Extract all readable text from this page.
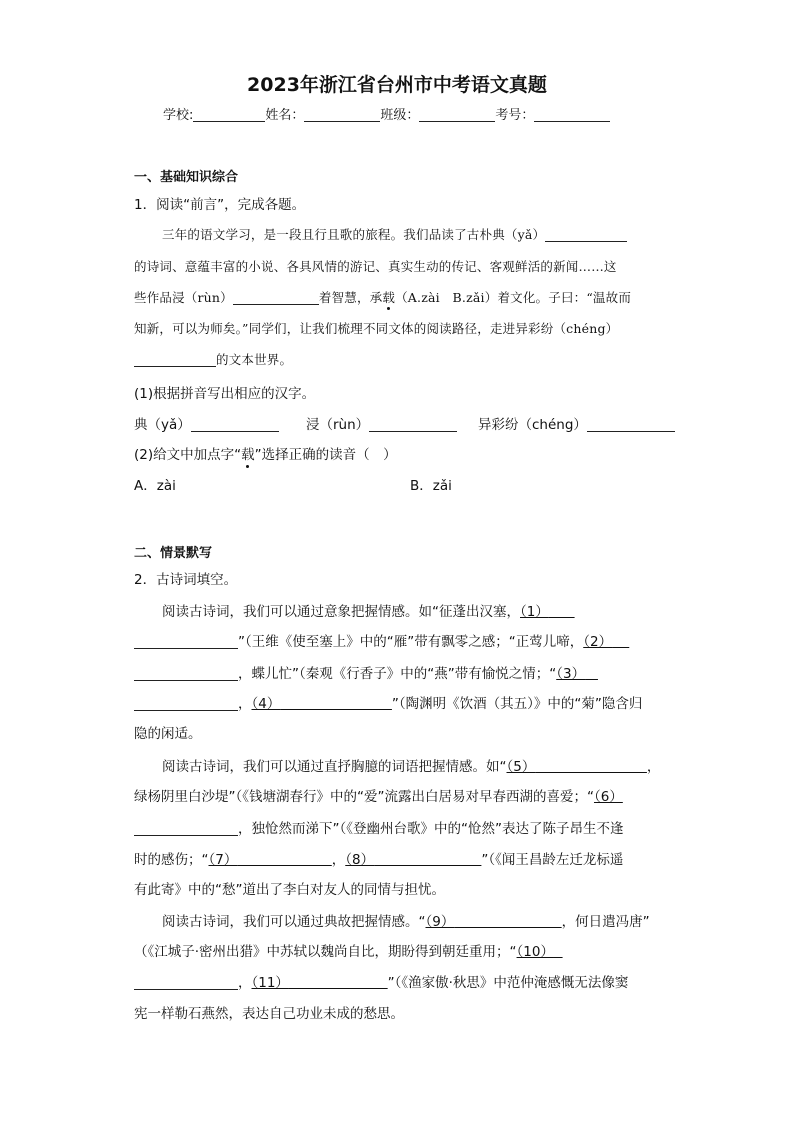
2023年浙江省台州市中考语文真题
学校:	姓名：	班级：	考号：
一、基础知识综合
1．阅读“前言”，完成各题。
三年的语文学习，是一段且行且歌的旅程。我们品读了古朴典（yǎ）
的诗词、意蕴丰富的小说、各具风情的游记、真实生动的传记、客观鲜活的新闻……这
些作品浸（rùn）	着智慧，承载（A.zài　B.zǎi）着文化。子曰：“温故而
知新，可以为师矣。”同学们，让我们梳理不同文体的阅读路径，走进异彩纷（chéng）
的文本世界。
(1)根据拼音写出相应的汉字。
典（yǎ）	浸（rùn）	异彩纷（chéng）
(2)给文中加点字“载”选择正确的读音（　）
A．zài	B．zǎi
二、情景默写
2．古诗词填空。
阅读古诗词，我们可以通过意象把握情感。如“征蓬出汉塞，（1）
”（王维《使至塞上》中的“雁”带有飘零之感；“正莺儿啼，（2）
，蝶儿忙”（秦观《行香子》中的“燕”带有愉悦之情；“（3）
，（4）	”（陶渊明《饮酒（其五）》中的“菊”隐含归
隐的闲适。
阅读古诗词，我们可以通过直抒胸臆的词语把握情感。如“（5）	，
绿杨阴里白沙堤”（《钱塘湖春行》中的“爱”流露出白居易对早春西湖的喜爱；“（6）
，独怆然而涕下”（《登幽州台歌》中的“怆然”表达了陈子昂生不逢
时的感伤；“（7）	，（8）	”（《闻王昌龄左迁龙标遥
有此寄》中的“愁”道出了李白对友人的同情与担忧。
阅读古诗词，我们可以通过典故把握情感。“（9）	，何日遣冯唐”
（《江城子·密州出猎》中苏轼以魏尚自比，期盼得到朝廷重用；“（10）
，（11）	”（《渔家傲·秋思》中范仲淹感慨无法像窦
宪一样勒石燕然，表达自己功业未成的愁思。
